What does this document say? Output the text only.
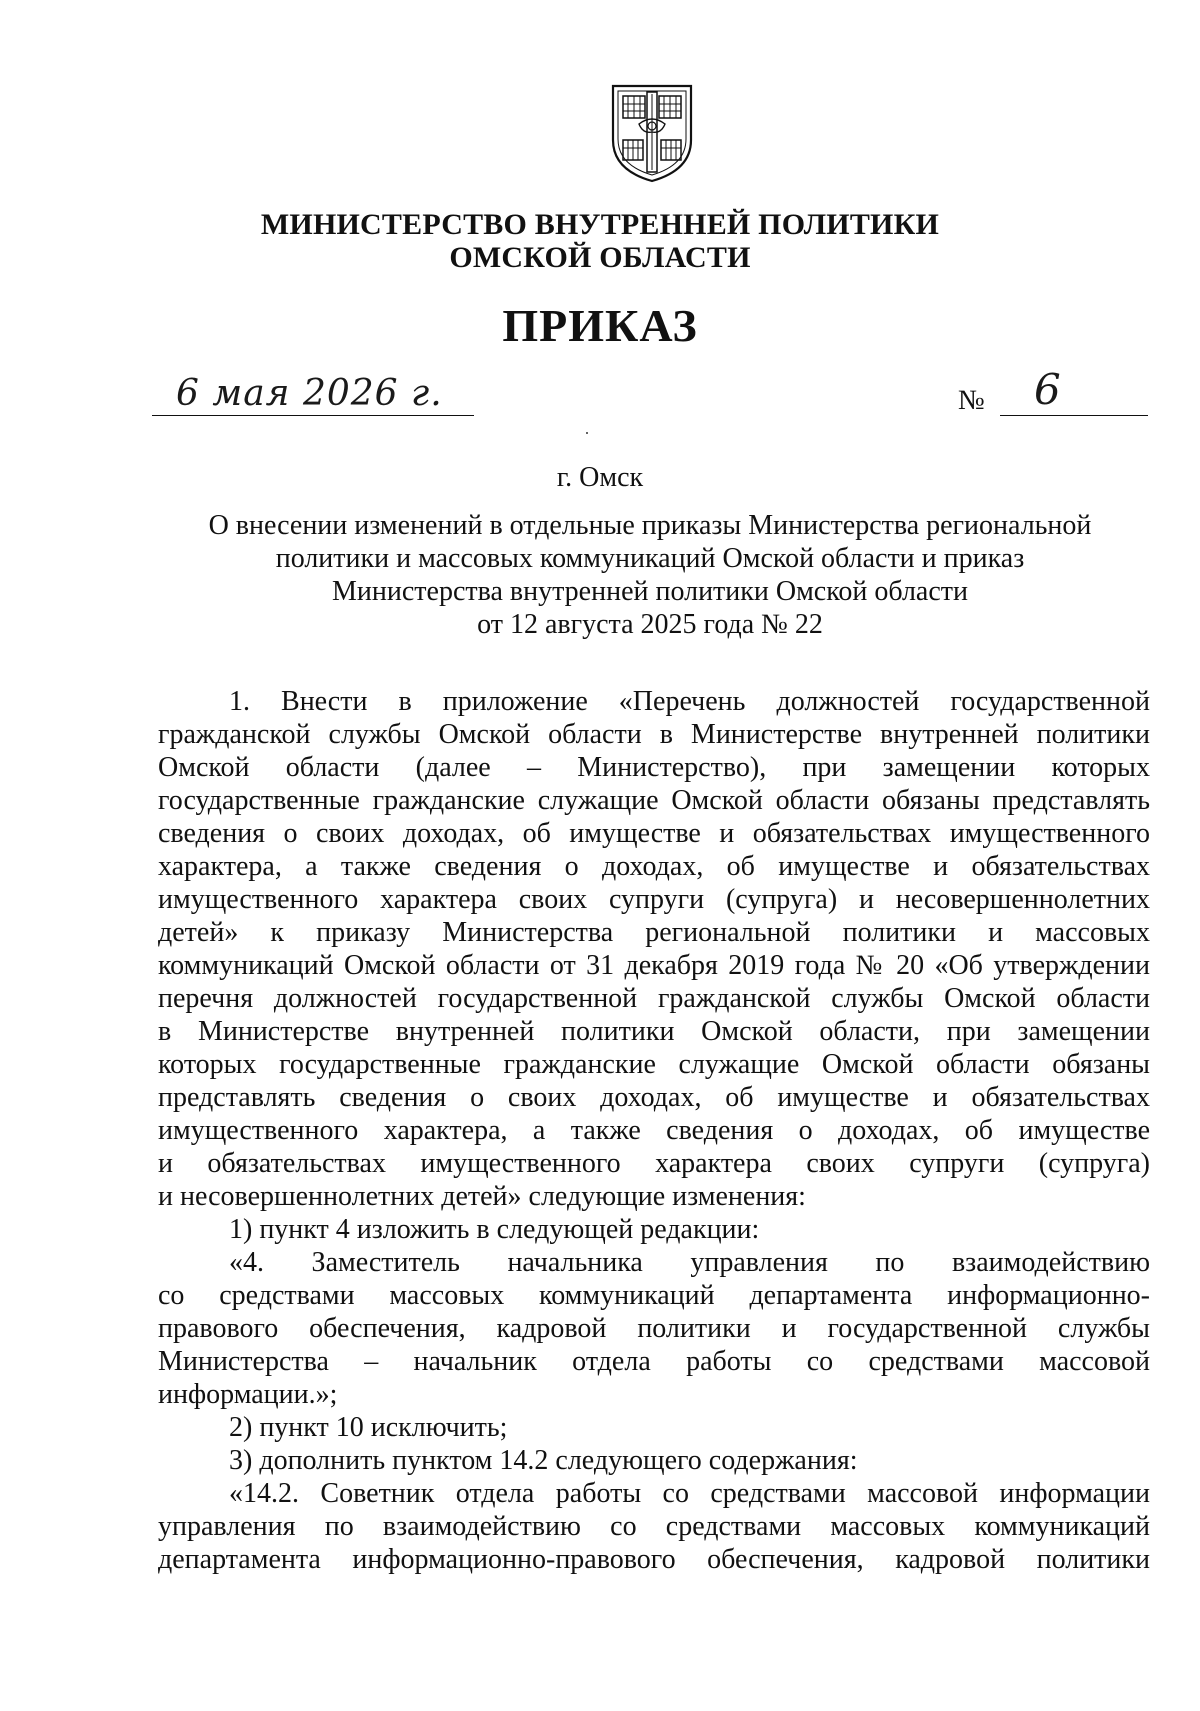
МИНИСТЕРСТВО ВНУТРЕННЕЙ ПОЛИТИКИ
ОМСКОЙ ОБЛАСТИ
ПРИКАЗ
6 мая 2026 г.	№ 6
г. Омск
О внесении изменений в отдельные приказы Министерства региональной
политики и массовых коммуникаций Омской области и приказ
Министерства внутренней политики Омской области
от 12 августа 2025 года № 22
1. Внести в приложение «Перечень должностей государственной
гражданской службы Омской области в Министерстве внутренней политики
Омской области (далее – Министерство), при замещении которых
государственные гражданские служащие Омской области обязаны представлять
сведения о своих доходах, об имуществе и обязательствах имущественного
характера, а также сведения о доходах, об имуществе и обязательствах
имущественного характера своих супруги (супруга) и несовершеннолетних
детей» к приказу Министерства региональной политики и массовых
коммуникаций Омской области от 31 декабря 2019 года № 20 «Об утверждении
перечня должностей государственной гражданской службы Омской области
в Министерстве внутренней политики Омской области, при замещении
которых государственные гражданские служащие Омской области обязаны
представлять сведения о своих доходах, об имуществе и обязательствах
имущественного характера, а также сведения о доходах, об имуществе
и обязательствах имущественного характера своих супруги (супруга)
и несовершеннолетних детей» следующие изменения:
1) пункт 4 изложить в следующей редакции:
«4. Заместитель начальника управления по взаимодействию
со средствами массовых коммуникаций департамента информационно-
правового обеспечения, кадровой политики и государственной службы
Министерства – начальник отдела работы со средствами массовой
информации.»;
2) пункт 10 исключить;
3) дополнить пунктом 14.2 следующего содержания:
«14.2. Советник отдела работы со средствами массовой информации
управления по взаимодействию со средствами массовых коммуникаций
департамента информационно-правового обеспечения, кадровой политики
